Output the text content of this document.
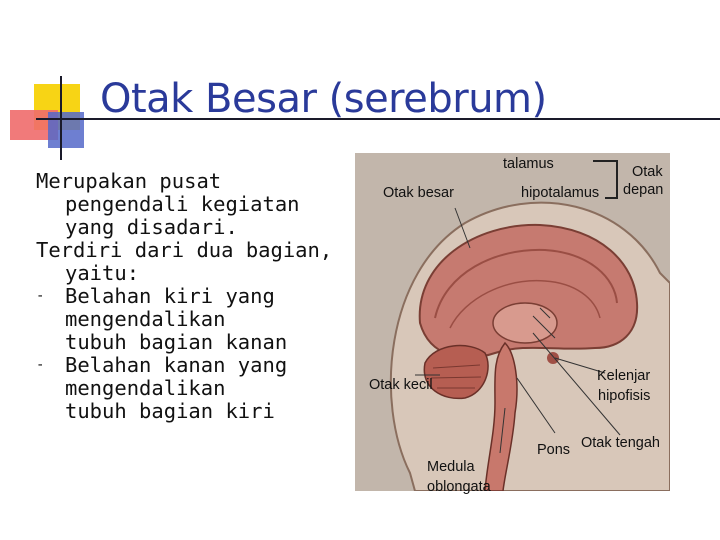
Otak Besar (serebrum)

Merupakan pusat

pengendali kegiatan

yang disadari.

Terdiri dari dua bagian,

yaitu:

- Belahan kiri yang

mengendalikan

tubuh bagian kanan

- Belahan kanan yang

mengendalikan

tubuh bagian kiri

talamus
Otak besar	hipotalamus
Otak
depan
Otak kecil
Kelenjar
hipofisis
Pons Otak tengah
Medula
oblongata
